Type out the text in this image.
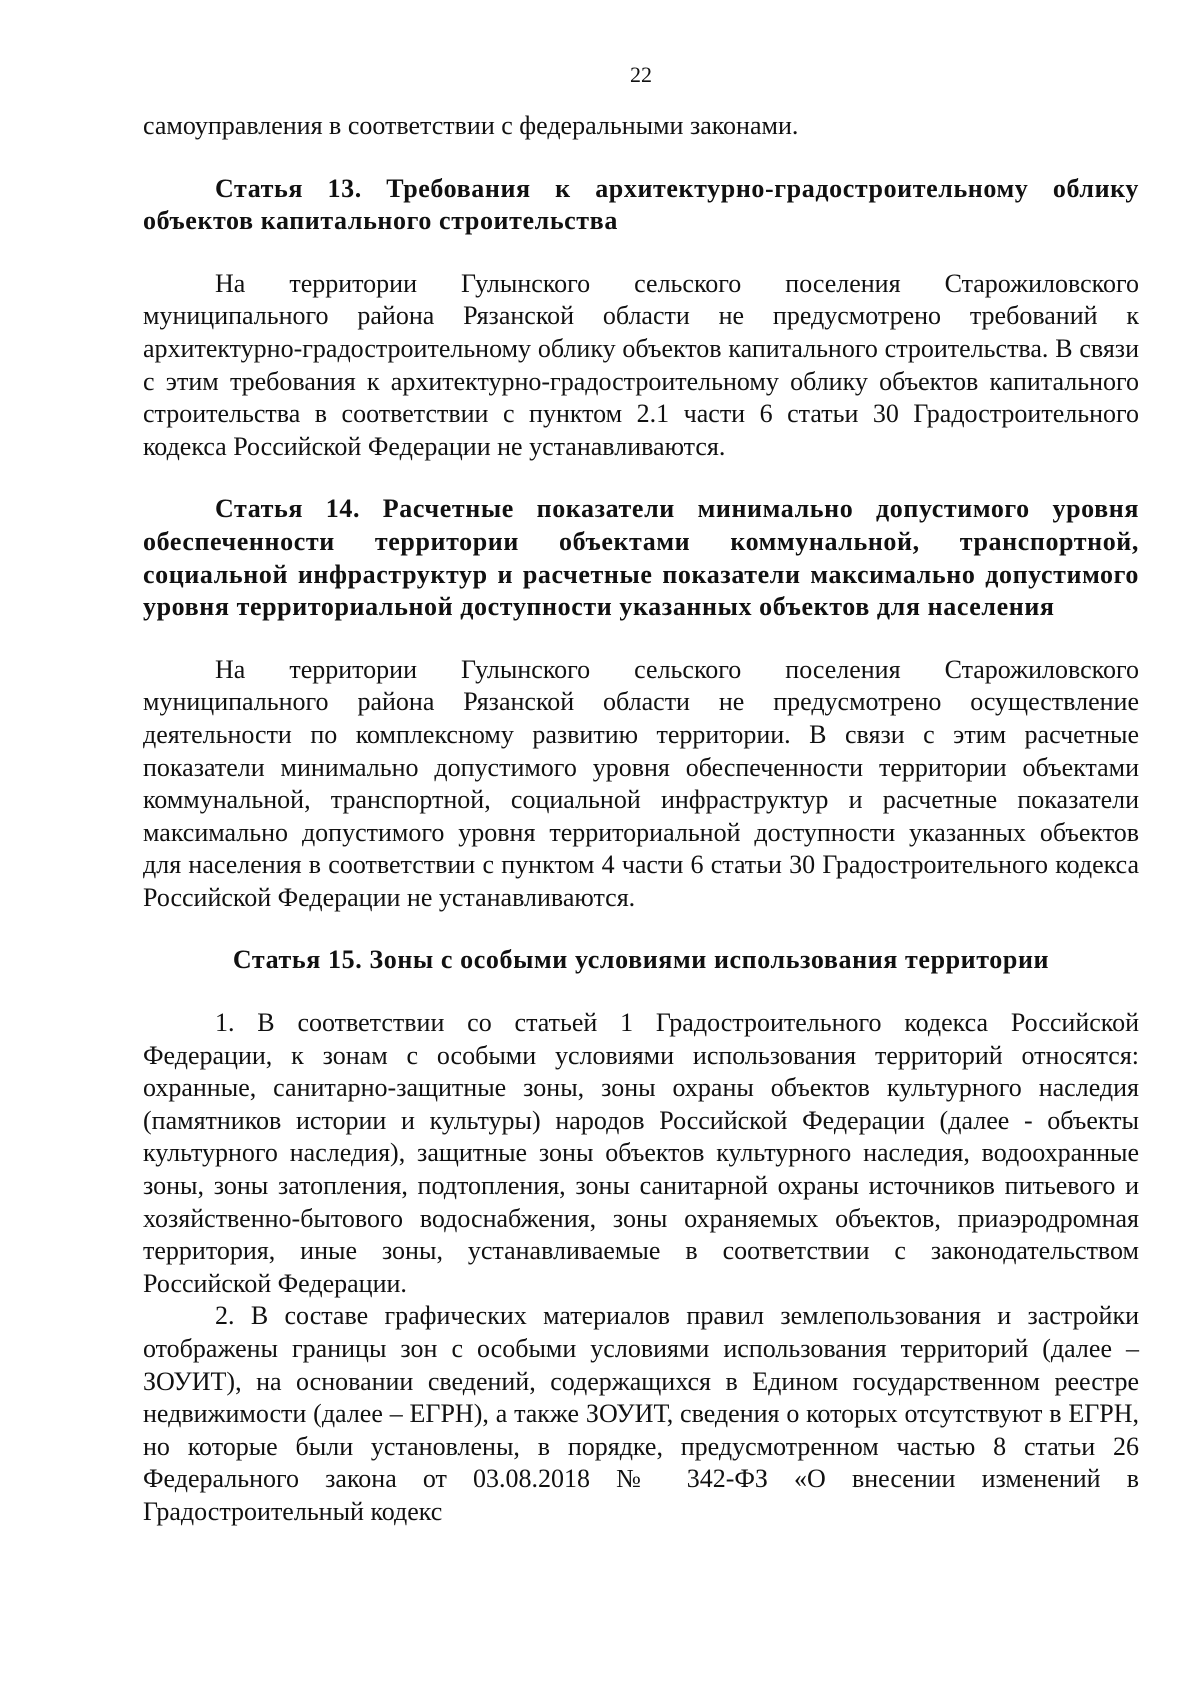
22

самоуправления в соответствии с федеральными законами.

Статья 13. Требования к архитектурно-градостроительному облику объектов капитального строительства

На территории Гулынского сельского поселения Старожиловского муниципального района Рязанской области не предусмотрено требований к архитектурно-градостроительному облику объектов капитального строительства. В связи с этим требования к архитектурно-градостроительному облику объектов капитального строительства в соответствии с пунктом 2.1 части 6 статьи 30 Градостроительного кодекса Российской Федерации не устанавливаются.

Статья 14. Расчетные показатели минимально допустимого уровня обеспеченности территории объектами коммунальной, транспортной, социальной инфраструктур и расчетные показатели максимально допустимого уровня территориальной доступности указанных объектов для населения

На территории Гулынского сельского поселения Старожиловского муниципального района Рязанской области не предусмотрено осуществление деятельности по комплексному развитию территории. В связи с этим расчетные показатели минимально допустимого уровня обеспеченности территории объектами коммунальной, транспортной, социальной инфраструктур и расчетные показатели максимально допустимого уровня территориальной доступности указанных объектов для населения в соответствии с пунктом 4 части 6 статьи 30 Градостроительного кодекса Российской Федерации не устанавливаются.

Статья 15. Зоны с особыми условиями использования территории

1. В соответствии со статьей 1 Градостроительного кодекса Российской Федерации, к зонам с особыми условиями использования территорий относятся: охранные, санитарно-защитные зоны, зоны охраны объектов культурного наследия (памятников истории и культуры) народов Российской Федерации (далее - объекты культурного наследия), защитные зоны объектов культурного наследия, водоохранные зоны, зоны затопления, подтопления, зоны санитарной охраны источников питьевого и хозяйственно-бытового водоснабжения, зоны охраняемых объектов, приаэродромная территория, иные зоны, устанавливаемые в соответствии с законодательством Российской Федерации.

2. В составе графических материалов правил землепользования и застройки отображены границы зон с особыми условиями использования территорий (далее – ЗОУИТ), на основании сведений, содержащихся в Едином государственном реестре недвижимости (далее – ЕГРН), а также ЗОУИТ, сведения о которых отсутствуют в ЕГРН, но которые были установлены, в порядке, предусмотренном частью 8 статьи 26 Федерального закона от 03.08.2018 № 342-ФЗ «О внесении изменений в Градостроительный кодекс
